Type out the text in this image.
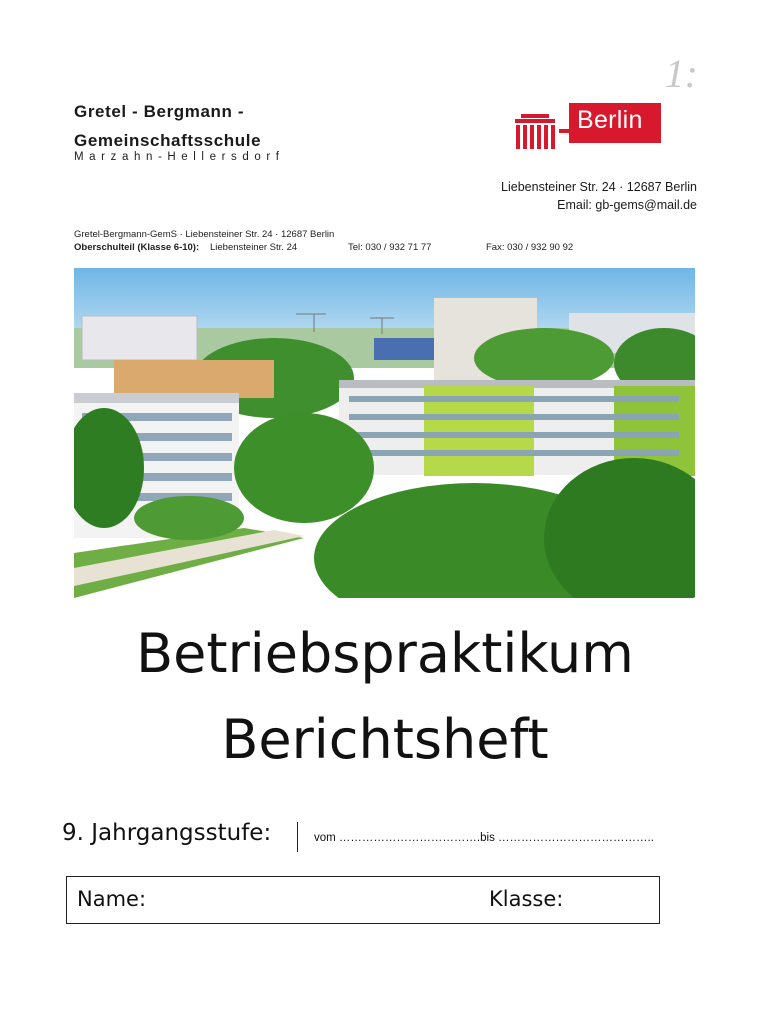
1:
Gretel - Bergmann -
Gemeinschaftsschule
Marzahn-Hellersdorf
Berlin
Liebensteiner Str. 24 · 12687 Berlin
Email: gb-gems@mail.de
Gretel-Bergmann-GemS · Liebensteiner Str. 24 · 12687 Berlin
Oberschulteil (Klasse 6-10): Liebensteiner Str. 24	Tel: 030 / 932 71 77	Fax: 030 / 932 90 92
Betriebspraktikum
Berichtsheft
9. Jahrgangsstufe:	vom ……………………………….bis …………………………………..
Name:	Klasse:
